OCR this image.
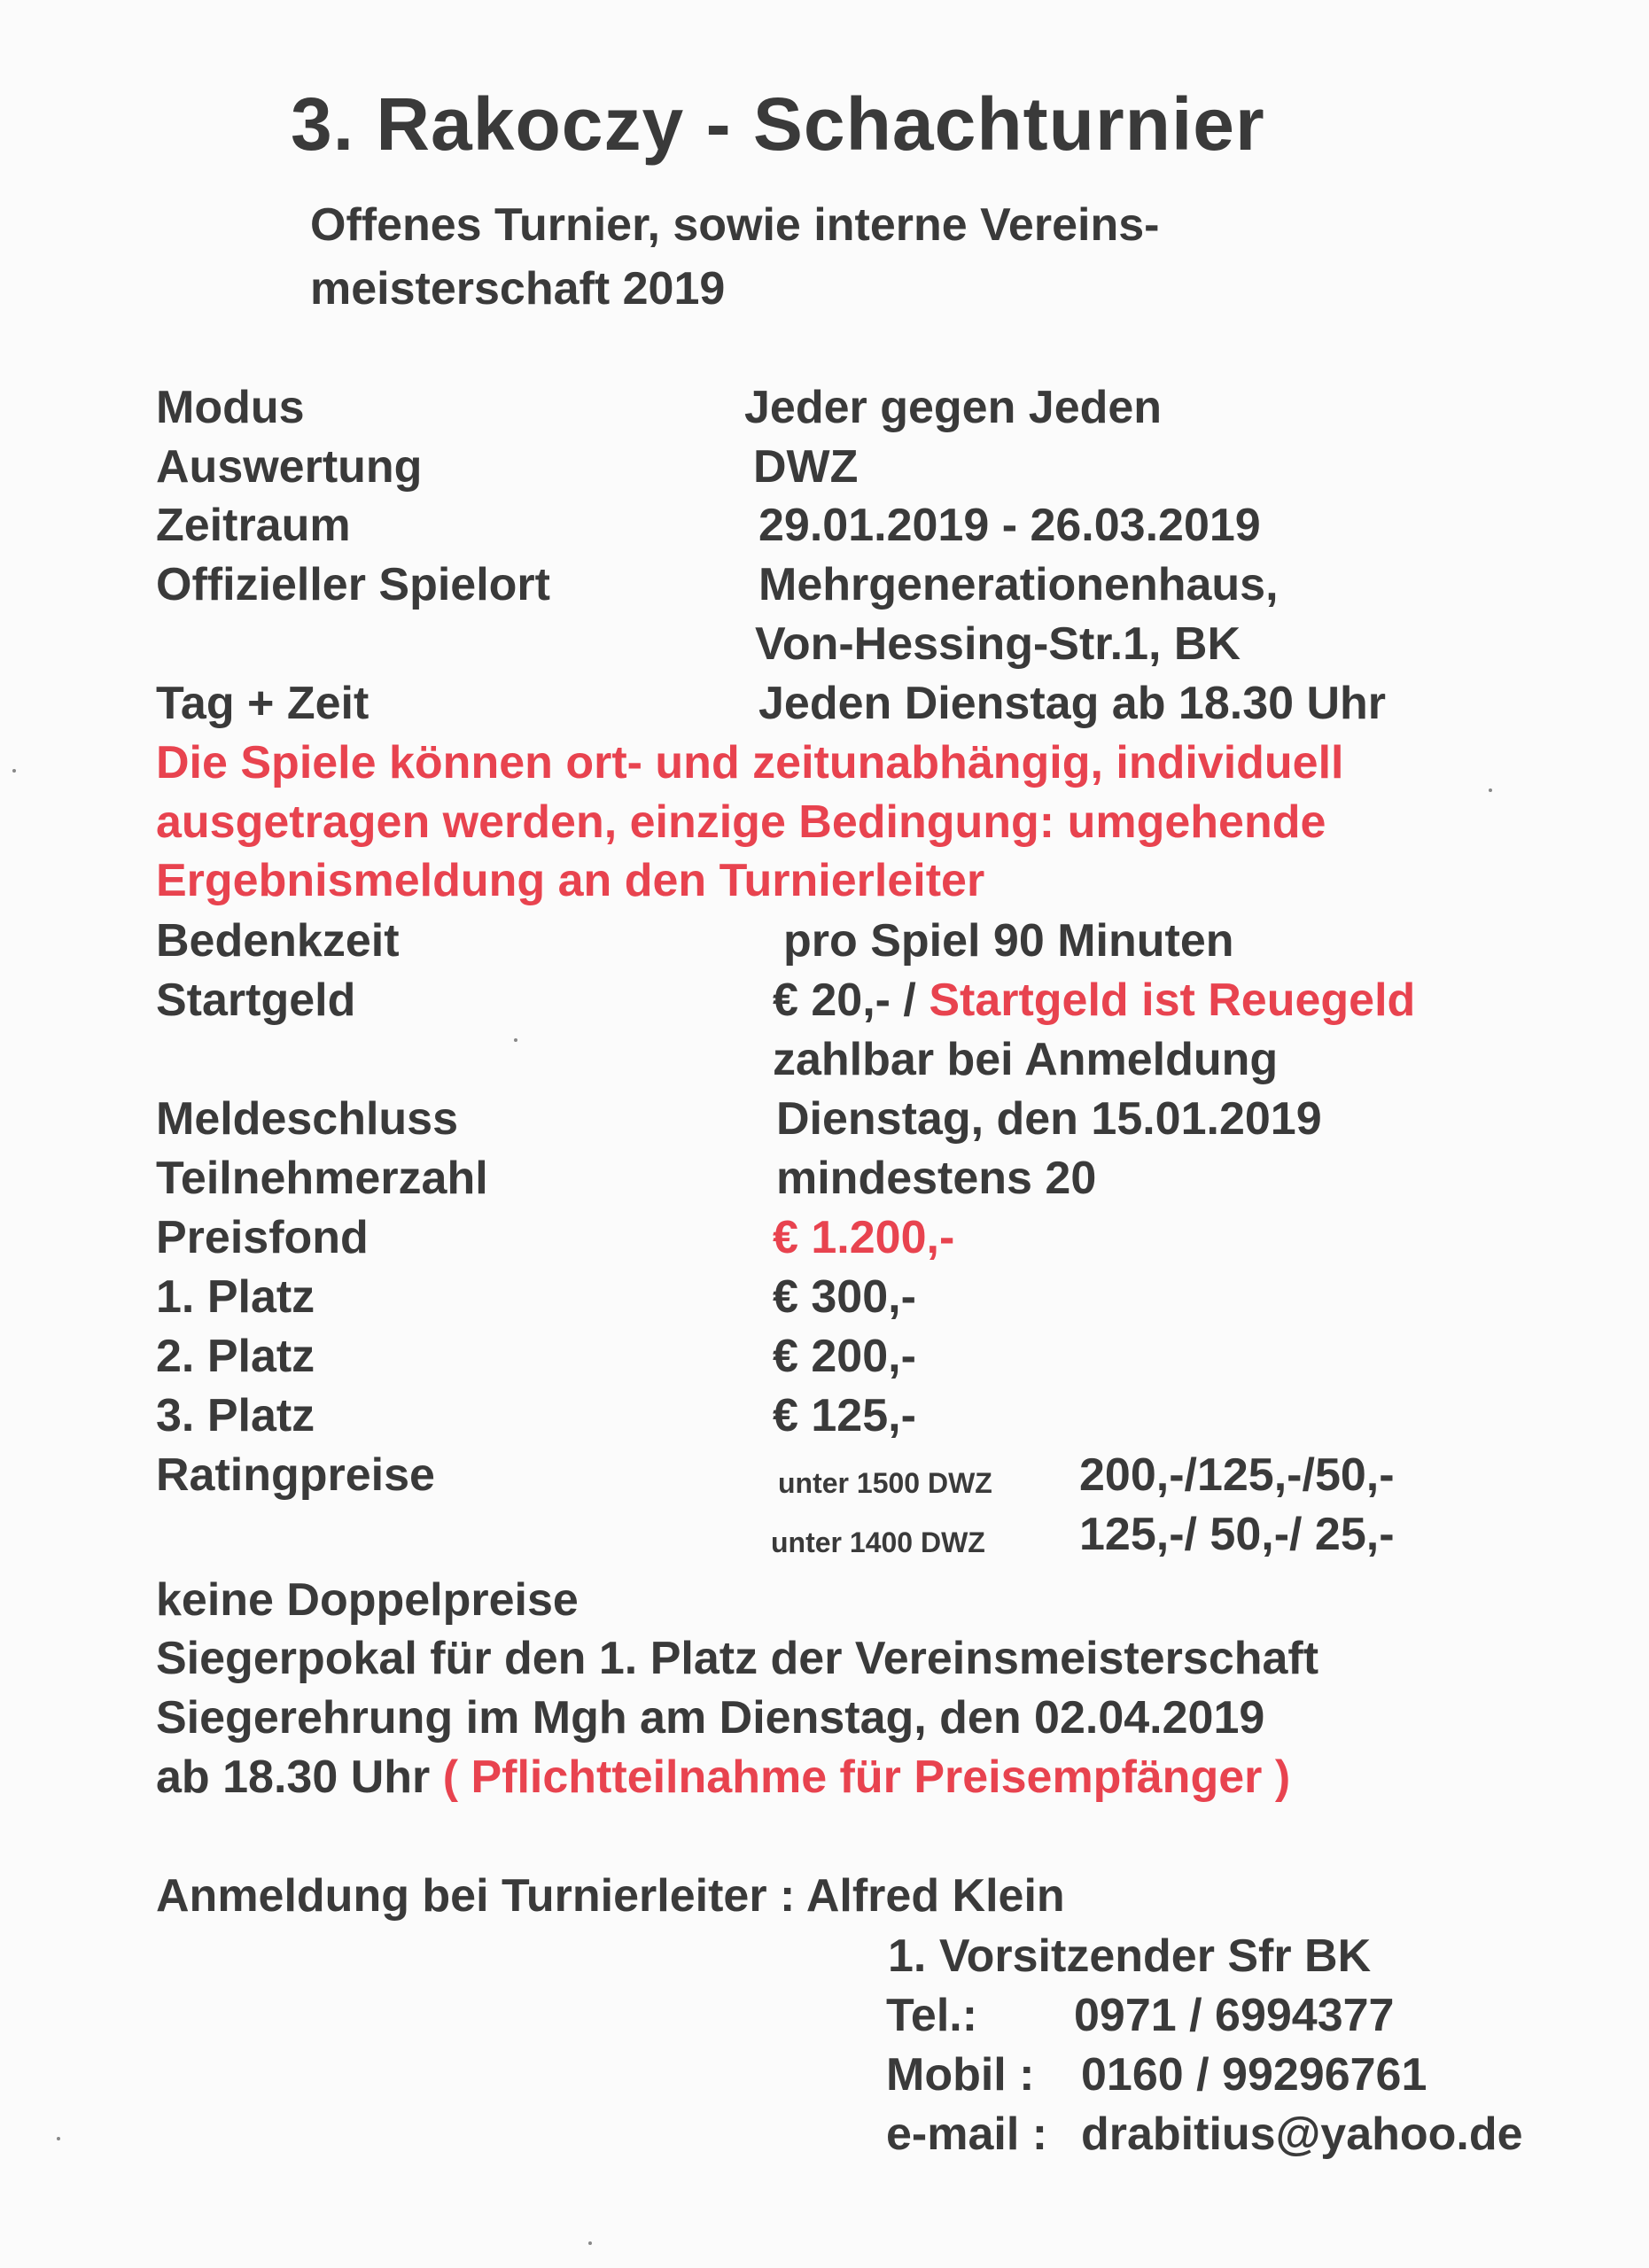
3. Rakoczy - Schachturnier
Offenes Turnier, sowie interne Vereins-
meisterschaft 2019
Modus	Jeder gegen Jeden
Auswertung	DWZ
Zeitraum	29.01.2019 - 26.03.2019
Offizieller Spielort	Mehrgenerationenhaus,
Von-Hessing-Str.1, BK
Tag + Zeit	Jeden Dienstag ab 18.30 Uhr
Die Spiele können ort- und zeitunabhängig, individuell
ausgetragen werden, einzige Bedingung: umgehende
Ergebnismeldung an den Turnierleiter
Bedenkzeit	pro Spiel 90 Minuten
Startgeld	€ 20,- / Startgeld ist Reuegeld
zahlbar bei Anmeldung
Meldeschluss	Dienstag, den 15.01.2019
Teilnehmerzahl	mindestens 20
Preisfond	€ 1.200,-
1. Platz	€ 300,-
2. Platz	€ 200,-
3. Platz	€ 125,-
Ratingpreise	unter 1500 DWZ 200,-/125,-/50,-
unter 1400 DWZ 125,-/ 50,-/ 25,-
keine Doppelpreise
Siegerpokal für den 1. Platz der Vereinsmeisterschaft
Siegerehrung im Mgh am Dienstag, den 02.04.2019
ab 18.30 Uhr ( Pflichtteilnahme für Preisempfänger )
Anmeldung bei Turnierleiter : Alfred Klein
1. Vorsitzender Sfr BK
Tel.: 0971 / 6994377
Mobil : 0160 / 99296761
e-mail : drabitius@yahoo.de
